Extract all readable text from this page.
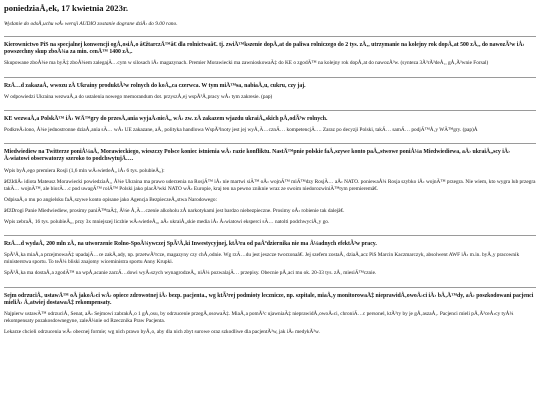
poniedziaÅ‚ek, 17 kwietnia 2023r.
Wydanie do odsÅ‚uchu wÅ› wersji AUDIO zostanie dograne dziÅ› do 9.00 rano.
Kierownictwo PiS na specjalnej konwencji ogÅ‚osiÅ‚o â€žtarczÄ™â€ dla rolnictwaâ€. tj. zwiÄ™kszenie dopÅ‚at do paliwa rolniczego do 2 tys. zÅ‚, utrzymanie na kolejny rok dopÅ‚at 500 zÅ‚, do nawozÃ³w iÅ› powszechny skup zboÅ¼a za min. cenÄ™ 1400 zÅ‚.
Skupowane zboÅ¼e ma byÄ‡ zboÅ¼em zalegajÄ…cym w silosach iÅ› magazynach. Premier Morawiecki ma zawnioskowaÄ‡ do KE o zgodÄ™ na kolejny rok dopÅ‚at do nawozÃ³w. (synteza 3Ã³rÃ³deÅ‚, gÅ‚Ã³wnie Forsal)
RzÄ…d zakazaÅ‚ wwozu zÅ Ukrainy produktÃ³w rolnych do koÅ„ca czerwca. W tym miÄ™sa, nabiaÅ‚u, cukru, czy jaj.
W odpowiedzi Ukraina wezwaÅ‚a do ustalenia nowego memorandum dot. przyszÅ‚ej wspÃ³Å‚pracy wÅ› tym zakresie. (pap)
KE wezwaÅ‚a PolskÄ™ iÅ› WÄ™gry do przesÅ‚ania wyjaÅ›nieÅ„ wÅ› zw. zÅ zakazem wjazdu ukraiÅ„skich pÅ‚odÃ³w rolnych.
PodkreÅ›lono, Å¼e jednostronne dziaÅ‚ania sÄ… wÅ› UE zakazane, aÅ‚ polityka handlowa WspÃ³lnoty jest jej wyÅ‚Ä…cznÄ… kompetencjÄ…. Zaraz po decyzji Polski, takÄ… samÄ… podjÄ™Å‚y WÄ™gry. (pap)Å
Miedwiediew na Twitterze poniÅ¼aÅ‚ Morawieckiego, wieszczy Polsce koniec istnienia wÅ› razie konfliktu. NastÄ™pnie polskie faÅ‚szywe konto paÅ„stwowe poniÅ¼a Miedwiediewa, aÅ› ukraiÅ„scy iÅ› Å›wiatowi obserwatorzy szeroko to podchwytujÄ….
Wpis byÅ‚ego premiera Rosji (1,6 mln wÅ›wietleÅ„ iÅ› 6 tys. polubieÅ„):
â€žIdiÅ› idiota Mateusz Morawiecki powiedziaÅ‚, Å¼e Ukraina ma prawo uderzenia na RosjÄ™ iÅ› nie martwi siÄ™ oÅ› wojnÄ™ miÄ™dzy RosjÄ… aÅ› NATO. poniewaÅ¼ Rosja szybko iÅ› wojnÄ™ przegra. Nie wiem, kto wygra lub przegra takÄ… wojnÄ™, ale biorÄ…c pod uwagÄ™ rolÄ™ Polski jako placÃ³wki NATO wÅ› Europie, kraj ten na pewno zniknie wraz ze swoim niedorozwiniÄ™tym premieremâ€.
OdpisaÅ‚o mu po angielsku faÅ‚szywe konto opisane jako Agencja BezpieczeÅ„stwa Narodowego:
â€žDrogi Panie Miedwiediew, prosimy paniÄ™taÄ‡, Å¼e Å‚Ä…czenie alkoholu zÅ narkotykami jest bardzo niebezpieczne. Prosimy oÅ› robienie tak dalejâ€.
Wpis zebraÅ‚ 16 tys. polubieÅ„, przy 3x mniejszej liczbie wÅ›wietleÅ„, aÅ› ukraiÅ„skie media iÅ› Å›wiatowi eksperci sÄ… natolti podchwyciÅ‚y go.
RzÄ…d wydaÅ‚ 200 mln zÅ‚ na utworzenie Rolno-SpoÅ¼ywczej SpÃ³Å‚ki Inwestycyjnej, ktÃ³ra od paÅºdziernika nie ma Å¼adnych efektÃ³w pracy.
SpÃ³Å‚ka miaÅ‚a przejmowaÄ‡ upadajÄ…ce zakÅ‚ady, np. przetwÃ³rcze, magazyny czy chÅ‚odnie. Wg rzÄ…du jest jeszcze tworzonaâ€. Jej szefem zostaÅ‚ dziaÅ‚acz PiS Marcin Kaczmarczyk, absolwent AWF iÅ› m.in. byÅ‚y pracownik ministerstwa sportu. To teÅ¼ bliski znajomy wiceministra sportu Anny Krupki.
SpÃ³Å‚ka ma dostaÅ‚a zgodÄ™ na wpÅ‚acanie zarzÄ…dowi wyÅ›szych wynagrodzeÅ„ niÅ¼ pozwalajÄ… przepisy. Obecnie pÅ‚aci mu ok. 20-33 tys. zÅ‚ miesiÄ™cznie.
Sejm odrzuciÅ‚ ustawÄ™ oÅ jakoÅ›ci wÅ› opiece zdrowotnej iÅ› bezp. pacjenta., wg ktÃ³rej podmioty lecznicze, np. szpitale, miaÅ‚y monitorowaÄ‡ nieprawidÅ‚owoÅ›ci iÅ› bÅ‚Ä™dy, aÅ› poszkodowani pacjenci mieliÅ› Å‚atwiej dostawaÄ‡ rekompensaty.
Najpierw ustawÄ™ odrzuciÅ‚ Senat, aÅ› Sejmowi zabrakÅ‚o 1 gÅ‚osu, by odrzucenie przegÅ‚osowaÄ‡. MiaÅ‚a pomÃ³c ujawniaÄ‡ nieprawidÅ‚owoÅ›ci, chroniÄ…c personel, ktÃ³ry by je gÅ‚aszaÅ‚. Pacjenci mieli pÅ‚Ã³ceÅ›cy tyÅ¼ rekompensaty pozakosdownegyne, zaleÅ¼nie od Rzecznika Praw Pacjenta.
Lekarze chcieli odrzucenia wÅ› obecnej formie; wg nich prawo byÅ‚o, aby dla nich zbyt surowe oraz szkodliwe dla pacjentÃ³w, jak iÅ› medykÃ³w.
